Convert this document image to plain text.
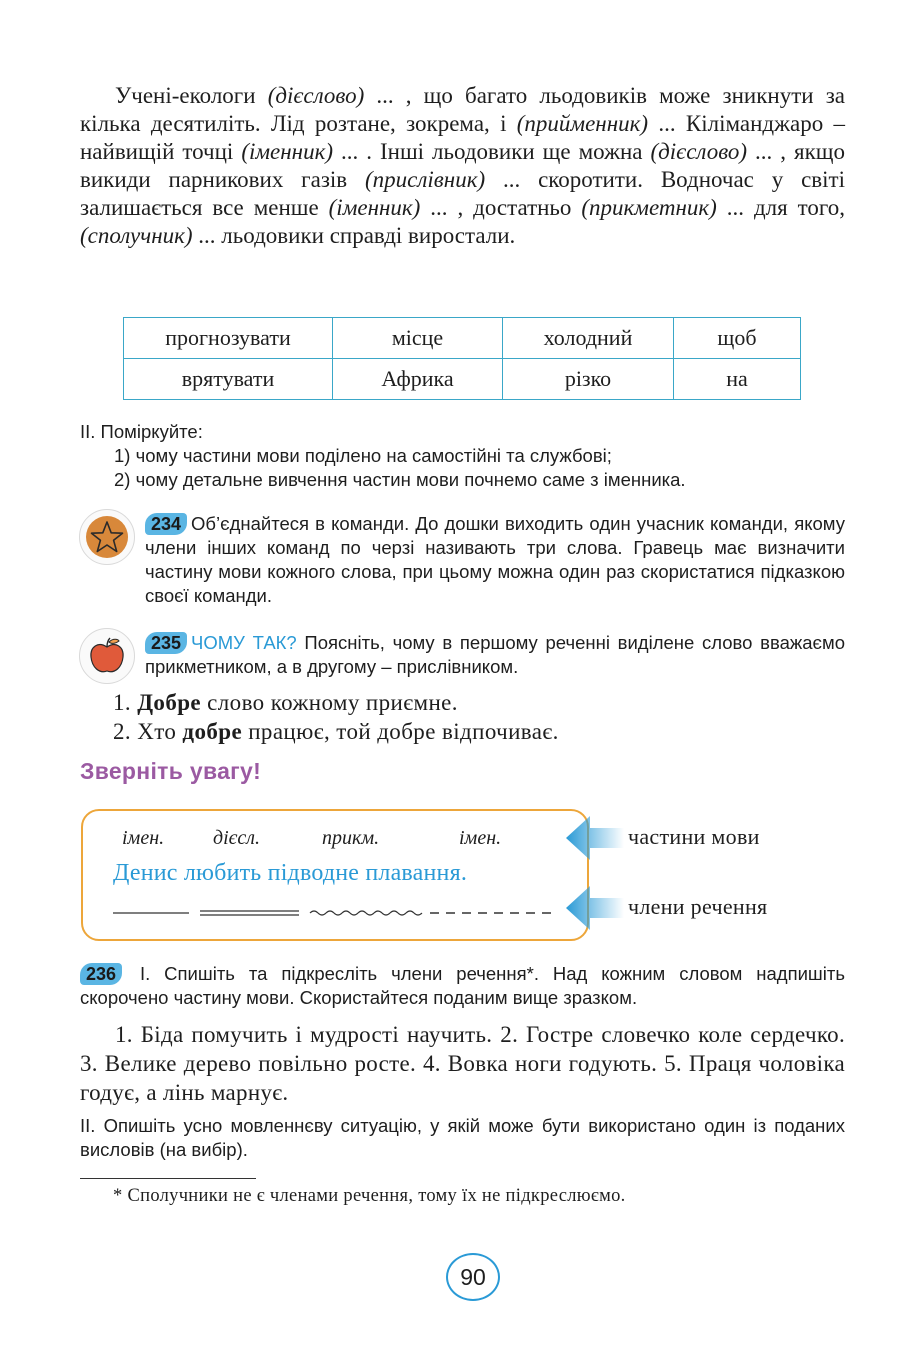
Учені-екологи (дієслово) ... , що багато льодовиків може зникнути за кілька десятиліть. Лід розтане, зокрема, і (прийменник) ... Кіліманджаро – найвищій точці (іменник) ... . Інші льодовики ще можна (дієслово) ... , якщо викиди парникових газів (прислівник) ... скоротити. Водночас у світі залишається все менше (іменник) ... , достатньо (прикметник) ... для того, (сполучник) ... льодовики справді виростали.

прогнозувати	місце	холодний	щоб
врятувати	Африка	різко	на
II. Поміркуйте:
1) чому частини мови поділено на самостійні та службові;
2) чому детальне вивчення частин мови почнемо саме з іменника.
234 Об’єднайтеся в команди. До дошки виходить один учасник команди, якому члени інших команд по черзі називають три слова. Гравець має визначити частину мови кожного слова, при цьому можна один раз скористатися підказкою своєї команди.
235 ЧОМУ ТАК? Поясніть, чому в першому реченні виділене слово вважаємо прикметником, а в другому – прислівником.
1. Добре слово кожному приємне.
2. Хто добре працює, той добре відпочиває.
Зверніть увагу!
імен. дієсл.	прикм.	імен.
Денис любить підводне плавання.
частини мови
члени речення
236 I. Спишіть та підкресліть члени речення*. Над кожним словом надпишіть скорочено частину мови. Скористайтеся поданим вище зразком.
1. Біда помучить і мудрості научить. 2. Гостре словечко коле сердечко. 3. Велике дерево повільно росте. 4. Вовка ноги годують. 5. Праця чоловіка годує, а лінь марнує.
II. Опишіть усно мовленнєву ситуацію, у якій може бути використано один із поданих висловів (на вибір).
* Сполучники не є членами речення, тому їх не підкреслюємо.
90
